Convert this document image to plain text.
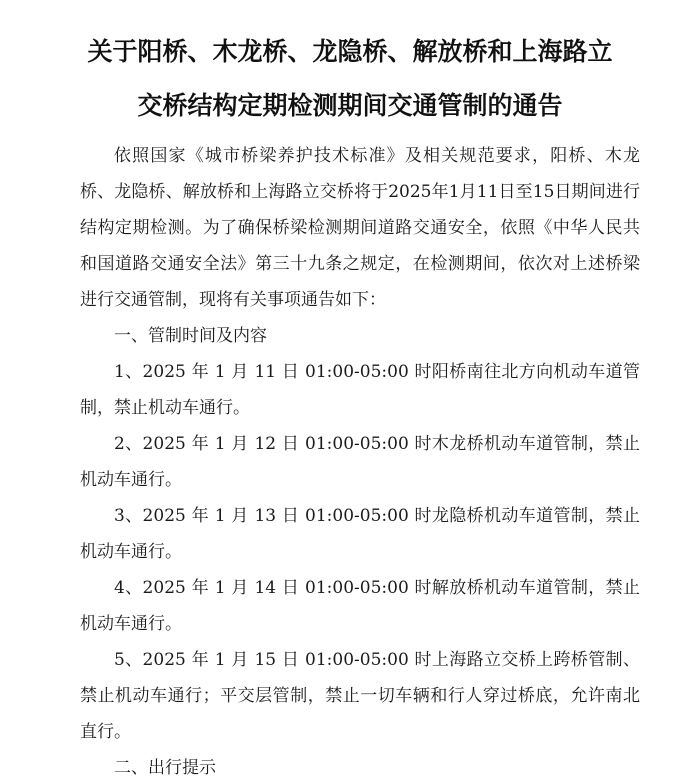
关于阳桥、木龙桥、龙隐桥、解放桥和上海路立
交桥结构定期检测期间交通管制的通告

依照国家《城市桥梁养护技术标准》及相关规范要求，阳桥、木龙桥、龙隐桥、解放桥和上海路立交桥将于2025年1月11日至15日期间进行结构定期检测。为了确保桥梁检测期间道路交通安全，依照《中华人民共和国道路交通安全法》第三十九条之规定，在检测期间，依次对上述桥梁进行交通管制，现将有关事项通告如下：

一、管制时间及内容

1、2025 年 1 月 11 日 01:00-05:00 时阳桥南往北方向机动车道管制，禁止机动车通行。

2、2025 年 1 月 12 日 01:00-05:00 时木龙桥机动车道管制，禁止机动车通行。

3、2025 年 1 月 13 日 01:00-05:00 时龙隐桥机动车道管制，禁止机动车通行。

4、2025 年 1 月 14 日 01:00-05:00 时解放桥机动车道管制，禁止机动车通行。

5、2025 年 1 月 15 日 01:00-05:00 时上海路立交桥上跨桥管制、禁止机动车通行；平交层管制，禁止一切车辆和行人穿过桥底，允许南北直行。

二、出行提示
